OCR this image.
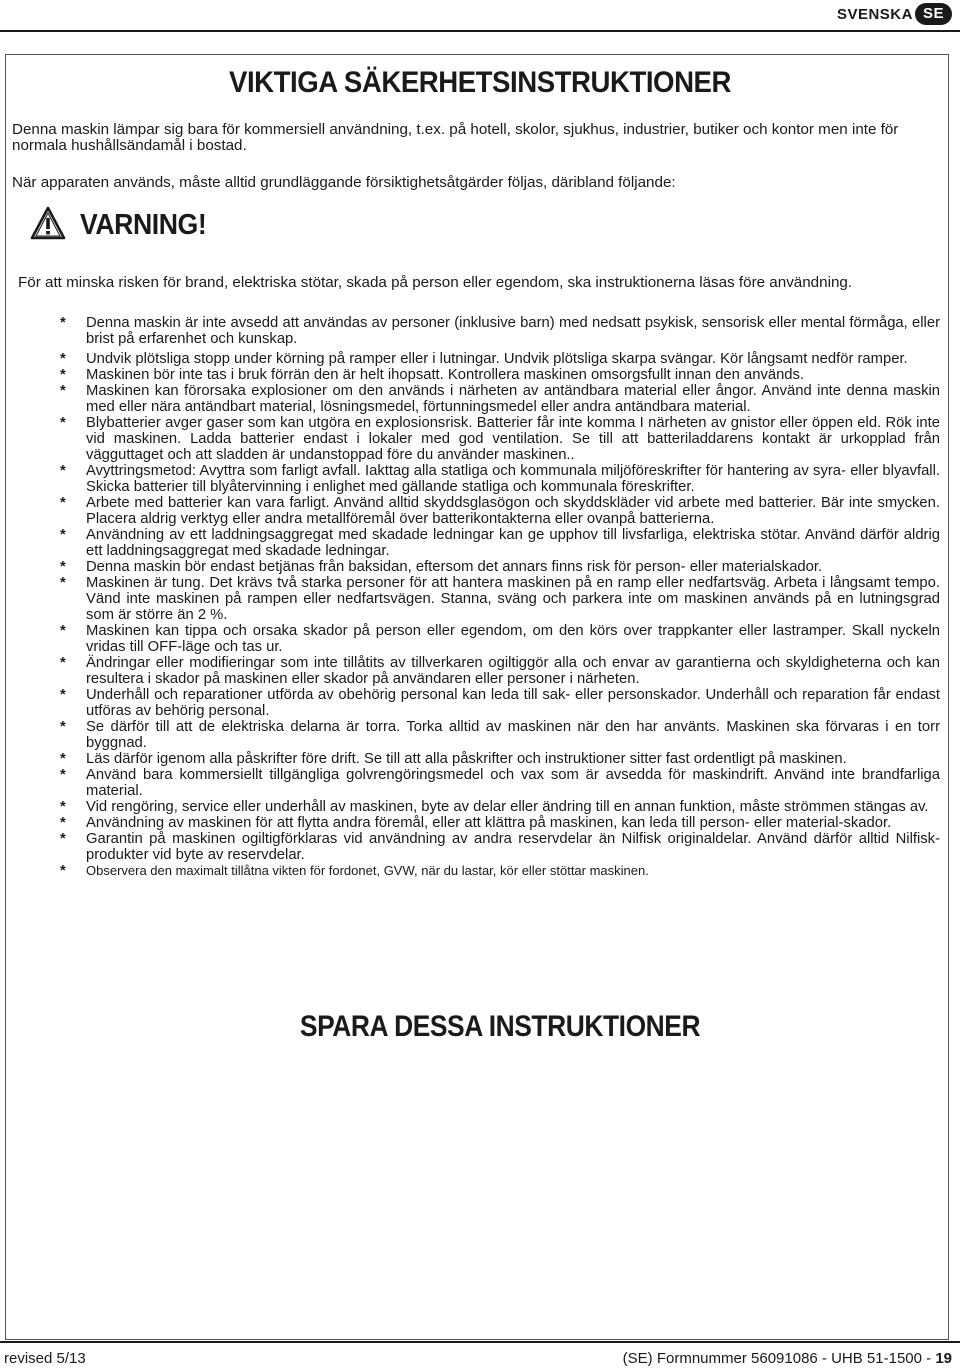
SVENSKA SE
VIKTIGA SÄKERHETSINSTRUKTIONER
Denna maskin lämpar sig bara för kommersiell användning, t.ex. på hotell, skolor, sjukhus, industrier, butiker och kontor men inte för normala hushållsändamål i bostad.
När apparaten används, måste alltid grundläggande försiktighetsåtgärder följas, däribland följande:
VARNING!
För att minska risken för brand, elektriska stötar, skada på person eller egendom, ska instruktionerna läsas före användning.
*	Denna maskin är inte avsedd att användas av personer (inklusive barn) med nedsatt psykisk, sensorisk eller mental förmåga, eller brist på erfarenhet och kunskap.
*	Undvik plötsliga stopp under körning på ramper eller i lutningar. Undvik plötsliga skarpa svängar. Kör långsamt nedför ramper.
*	Maskinen bör inte tas i bruk förrän den är helt ihopsatt. Kontrollera maskinen omsorgsfullt innan den används.
*	Maskinen kan förorsaka explosioner om den används i närheten av antändbara material eller ångor. Använd inte denna maskin med eller nära antändbart material, lösningsmedel, förtunningsmedel eller andra antändbara material.
*	Blybatterier avger gaser som kan utgöra en explosionsrisk. Batterier får inte komma I närheten av gnistor eller öppen eld. Rök inte vid maskinen. Ladda batterier endast i lokaler med god ventilation. Se till att batteriladdarens kontakt är urkopplad från vägguttaget och att sladden är undanstoppad före du använder maskinen..
*	Avyttringsmetod: Avyttra som farligt avfall. Iakttag alla statliga och kommunala miljöföreskrifter för hantering av syra- eller blyavfall. Skicka batterier till blyåtervinning i enlighet med gällande statliga och kommunala föreskrifter.
*	Arbete med batterier kan vara farligt. Använd alltid skyddsglasögon och skyddskläder vid arbete med batterier. Bär inte smycken. Placera aldrig verktyg eller andra metallföremål över batterikontakterna eller ovanpå batterierna.
*	Användning av ett laddningsaggregat med skadade ledningar kan ge upphov till livsfarliga, elektriska stötar. Använd därför aldrig ett laddningsaggregat med skadade ledningar.
*	Denna maskin bör endast betjänas från baksidan, eftersom det annars finns risk för person- eller materialskador.
*	Maskinen är tung. Det krävs två starka personer för att hantera maskinen på en ramp eller nedfartsväg. Arbeta i långsamt tempo. Vänd inte maskinen på rampen eller nedfartsvägen. Stanna, sväng och parkera inte om maskinen används på en lutningsgrad som är större än 2 %.
*	Maskinen kan tippa och orsaka skador på person eller egendom, om den körs over trappkanter eller lastramper. Skall nyckeln vridas till OFF-läge och tas ur.
*	Ändringar eller modifieringar som inte tillåtits av tillverkaren ogiltiggör alla och envar av garantierna och skyldigheterna och kan resultera i skador på maskinen eller skador på användaren eller personer i närheten.
*	Underhåll och reparationer utförda av obehörig personal kan leda till sak- eller personskador. Underhåll och reparation får endast utföras av behörig personal.
*	Se därför till att de elektriska delarna är torra. Torka alltid av maskinen när den har använts. Maskinen ska förvaras i en torr byggnad.
*	Läs därför igenom alla påskrifter före drift. Se till att alla påskrifter och instruktioner sitter fast ordentligt på maskinen.
*	Använd bara kommersiellt tillgängliga golvrengöringsmedel och vax som är avsedda för maskindrift. Använd inte brandfarliga material.
*	Vid rengöring, service eller underhåll av maskinen, byte av delar eller ändring till en annan funktion, måste strömmen stängas av.
*	Användning av maskinen för att flytta andra föremål, eller att klättra på maskinen, kan leda till person- eller material-skador.
*	Garantin på maskinen ogiltigförklaras vid användning av andra reservdelar än Nilfisk originaldelar. Använd därför alltid Nilfisk-produkter vid byte av reservdelar.
*	Observera den maximalt tillåtna vikten för fordonet, GVW, när du lastar, kör eller stöttar maskinen.
SPARA DESSA INSTRUKTIONER
revised 5/13	(SE) Formnummer 56091086 - UHB 51-1500 - 19
